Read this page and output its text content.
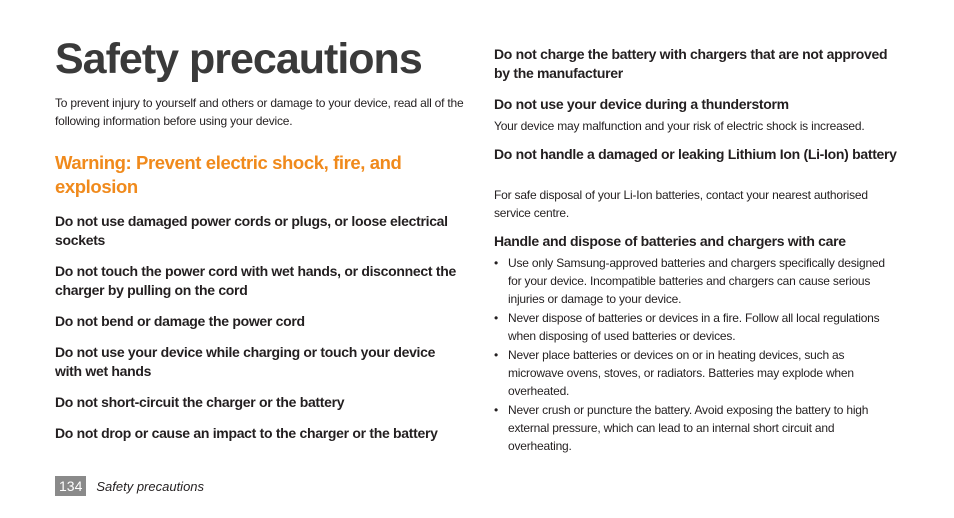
Safety precautions

To prevent injury to yourself and others or damage to your device, read all of the following information before using your device.

Warning: Prevent electric shock, fire, and explosion
Do not use damaged power cords or plugs, or loose electrical sockets
Do not touch the power cord with wet hands, or disconnect the charger by pulling on the cord
Do not bend or damage the power cord
Do not use your device while charging or touch your device with wet hands
Do not short-circuit the charger or the battery
Do not drop or cause an impact to the charger or the battery
Do not charge the battery with chargers that are not approved by the manufacturer
Do not use your device during a thunderstorm

Your device may malfunction and your risk of electric shock is increased.

Do not handle a damaged or leaking Lithium Ion (Li-Ion) battery

For safe disposal of your Li-Ion batteries, contact your nearest authorised service centre.

Handle and dispose of batteries and chargers with care
• Use only Samsung-approved batteries and chargers specifically designed for your device. Incompatible batteries and chargers can cause serious injuries or damage to your device.
• Never dispose of batteries or devices in a fire. Follow all local regulations when disposing of used batteries or devices.
• Never place batteries or devices on or in heating devices, such as microwave ovens, stoves, or radiators. Batteries may explode when overheated.
• Never crush or puncture the battery. Avoid exposing the battery to high external pressure, which can lead to an internal short circuit and overheating.
134	Safety precautions
